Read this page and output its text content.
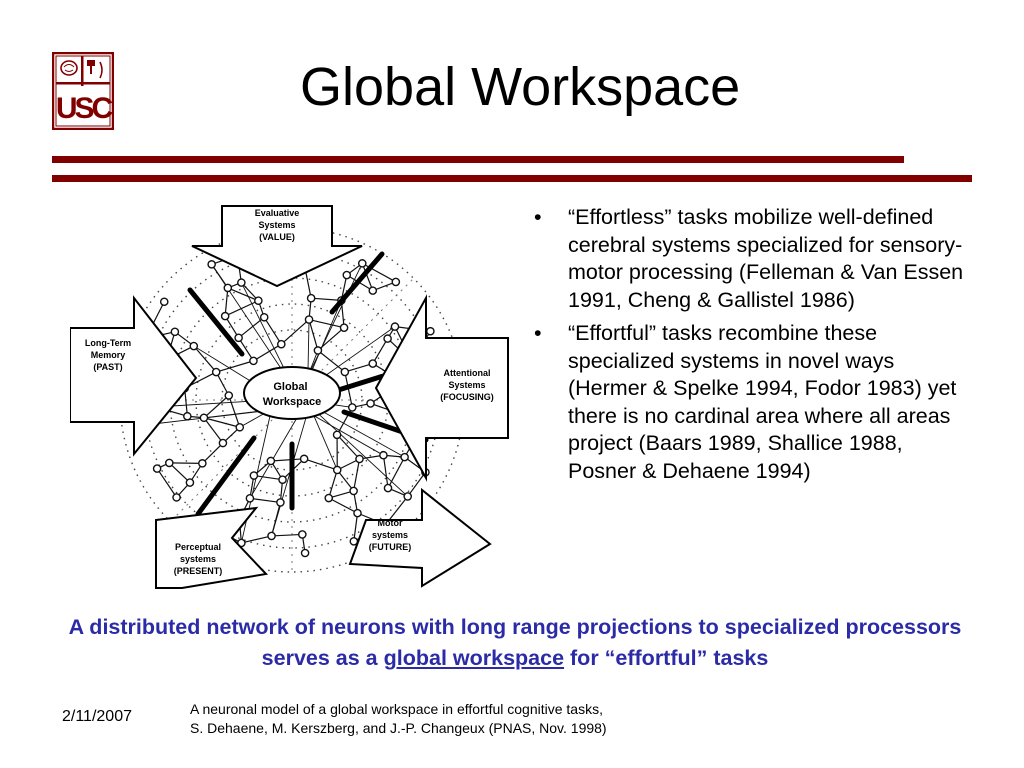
USC	Global Workspace
Global Workspace
Evaluative Systems (VALUE)
Attentional Systems (FOCUSING)
Motor systems (FUTURE)
Perceptual systems (PRESENT)
Long-Term Memory (PAST)
• “Effortless” tasks mobilize well-defined cerebral systems specialized for sensory-motor processing (Felleman & Van Essen 1991, Cheng & Gallistel 1986)
• “Effortful” tasks recombine these specialized systems in novel ways (Hermer & Spelke 1994, Fodor 1983) yet there is no cardinal area where all areas project (Baars 1989, Shallice 1988, Posner & Dehaene 1994)

A distributed network of neurons with long range projections to specialized processors serves as a global workspace for “effortful” tasks

2/11/2007	A neuronal model of a global workspace in effortful cognitive tasks,
S. Dehaene, M. Kerszberg, and J.-P. Changeux (PNAS, Nov. 1998)
